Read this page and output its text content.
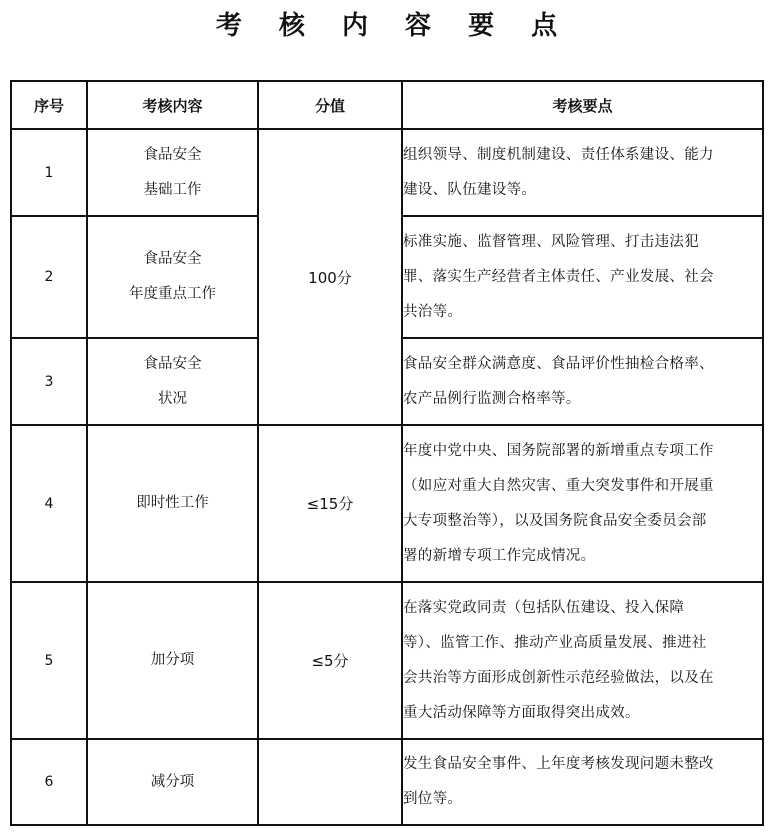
考 核 内 容 要 点
序号	考核内容	分值	考核要点
1	食品安全
基础工作	100分	组织领导、制度机制建设、责任体系建设、能力
建设、队伍建设等。

2	食品安全
年度重点工作		标准实施、监督管理、风险管理、打击违法犯
罪、落实生产经营者主体责任、产业发展、社会
共治等。

3	食品安全
状况		食品安全群众满意度、食品评价性抽检合格率、
农产品例行监测合格率等。

4	即时性工作	≤15分	年度中党中央、国务院部署的新增重点专项工作
（如应对重大自然灾害、重大突发事件和开展重
大专项整治等），以及国务院食品安全委员会部
署的新增专项工作完成情况。

5	加分项	≤5分	在落实党政同责（包括队伍建设、投入保障
等）、监管工作、推动产业高质量发展、推进社
会共治等方面形成创新性示范经验做法，以及在
重大活动保障等方面取得突出成效。

6	减分项		发生食品安全事件、上年度考核发现问题未整改
到位等。
